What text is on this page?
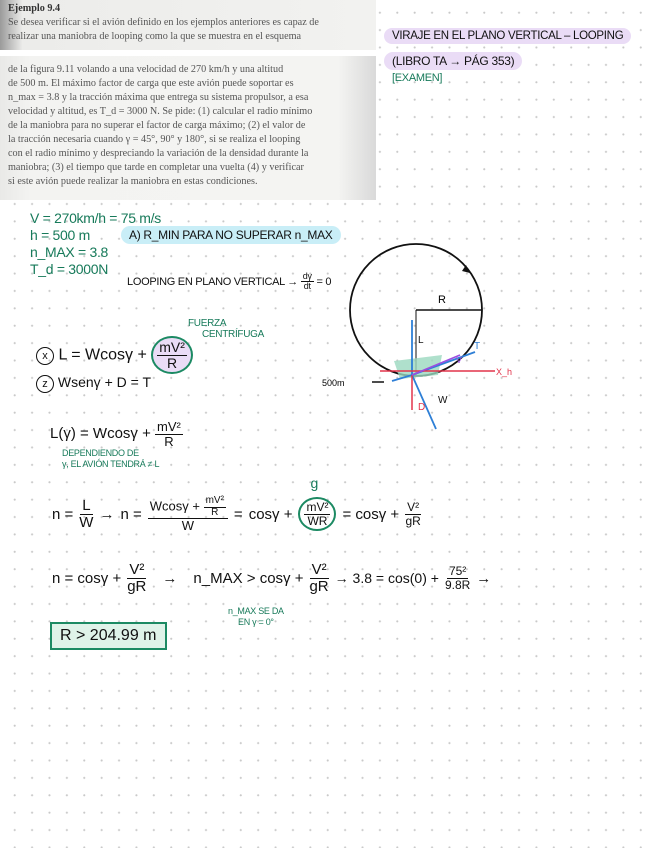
Ejemplo 9.4

Se desea verificar si el avión definido en los ejemplos anteriores es capaz de

realizar una maniobra de looping como la que se muestra en el esquema

de la figura 9.11 volando a una velocidad de 270 km/h y una altitud

de 500 m. El máximo factor de carga que este avión puede soportar es

n_max = 3.8 y la tracción máxima que entrega su sistema propulsor, a esa

velocidad y altitud, es T_d = 3000 N. Se pide: (1) calcular el radio mínimo

de la maniobra para no superar el factor de carga máximo; (2) el valor de

la tracción necesaria cuando γ = 45°, 90° y 180°, si se realiza el looping

con el radio mínimo y despreciando la variación de la densidad durante la

maniobra; (3) el tiempo que tarde en completar una vuelta (4) y verificar

si este avión puede realizar la maniobra en estas condiciones.

VIRAJE EN EL PLANO VERTICAL – LOOPING
(LIBRO TA → PÁG 353)
[EXAMEN]
V = 270km/h = 75 m/s
h = 500 m
n_MAX = 3.8
T_d = 3000N
A) R_MIN PARA NO SUPERAR n_MAX
LOOPING EN PLANO VERTICAL → $\frac{d\gamma}{dt} = 0$
FUERZA
CENTRÍFUGA
x $L = Wcos\gamma + \frac{\text{mV²}}{R}$
z Wsenγ + D = T
$L(\gamma) = Wcos\gamma + \frac{\text{mV²}}{R}$
DEPENDIENDO DE
γ, EL AVIÓN TENDRÁ ≠ L
$n = \frac{L}{W} \to n = \frac{Wcos\gamma + \frac{\text{mV²}}{R}}{W} = \cos\gamma + \frac{g}{\frac{\text{mV²}}{WR}} = \cos\gamma + \frac{\text{V²}}{gR}$
$n = \cos\gamma + \frac{\text{V²}}{gR}$	→	n_MAX > $\cos\gamma + \frac{\text{V²}}{gR} \to 3.8 = \cos(0) + \frac{\text{75²}}{9.8R}$ →
n_MAX SE DA
EN γ = 0°
R > 204.99 m
R
500m
L
T
W
D
X_h
V
